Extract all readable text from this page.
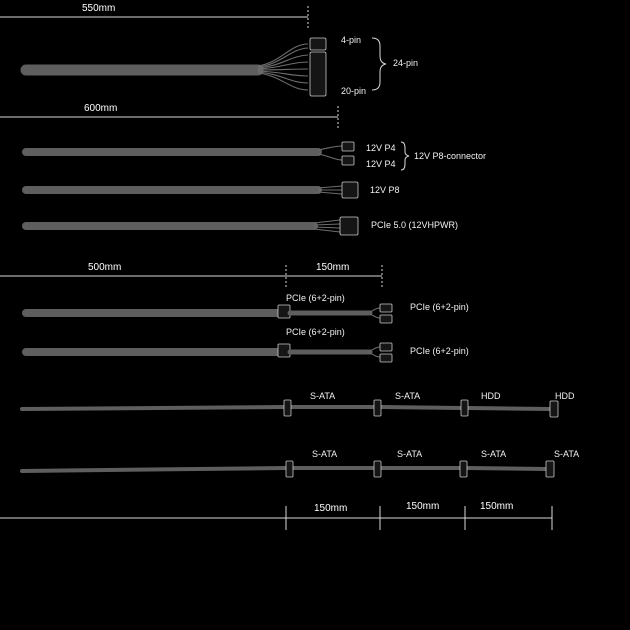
550mm
4-pin
20-pin
24-pin
600mm
12V P4
12V P4
12V P8-connector
12V P8
PCIe 5.0 (12VHPWR)
500mm	150mm
PCIe (6+2-pin)
PCIe (6+2-pin)
PCIe (6+2-pin)
PCIe (6+2-pin)
S-ATA	S-ATA	HDD	HDD
S-ATA	S-ATA	S-ATA	S-ATA
150mm	150mm	150mm
